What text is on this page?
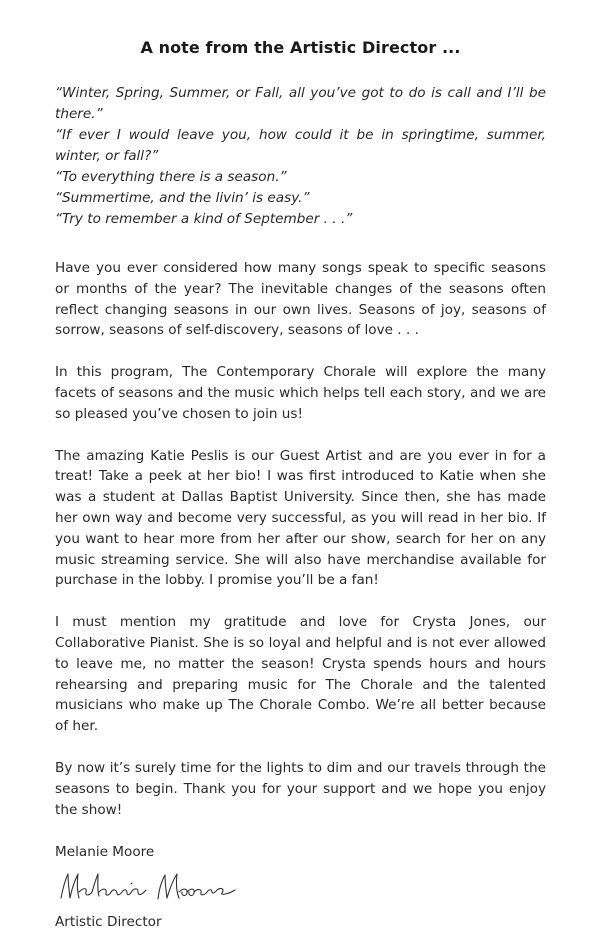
A note from the Artistic Director ...
“Winter, Spring, Summer, or Fall, all you’ve got to do is call and I’ll be there.”
“If ever I would leave you, how could it be in springtime, summer, winter, or fall?”
“To everything there is a season.”
“Summertime, and the livin’ is easy.”
“Try to remember a kind of September . . .”

Have you ever considered how many songs speak to specific seasons or months of the year? The inevitable changes of the seasons often reflect changing seasons in our own lives. Seasons of joy, seasons of sorrow, seasons of self-discovery, seasons of love . . .

In this program, The Contemporary Chorale will explore the many facets of seasons and the music which helps tell each story, and we are so pleased you’ve chosen to join us!

The amazing Katie Peslis is our Guest Artist and are you ever in for a treat! Take a peek at her bio! I was first introduced to Katie when she was a student at Dallas Baptist University. Since then, she has made her own way and become very successful, as you will read in her bio. If you want to hear more from her after our show, search for her on any music streaming service. She will also have merchandise available for purchase in the lobby. I promise you’ll be a fan!

I must mention my gratitude and love for Crysta Jones, our Collaborative Pianist. She is so loyal and helpful and is not ever allowed to leave me, no matter the season! Crysta spends hours and hours rehearsing and preparing music for The Chorale and the talented musicians who make up The Chorale Combo. We’re all better because of her.

By now it’s surely time for the lights to dim and our travels through the seasons to begin. Thank you for your support and we hope you enjoy the show!

Melanie Moore
Artistic Director
